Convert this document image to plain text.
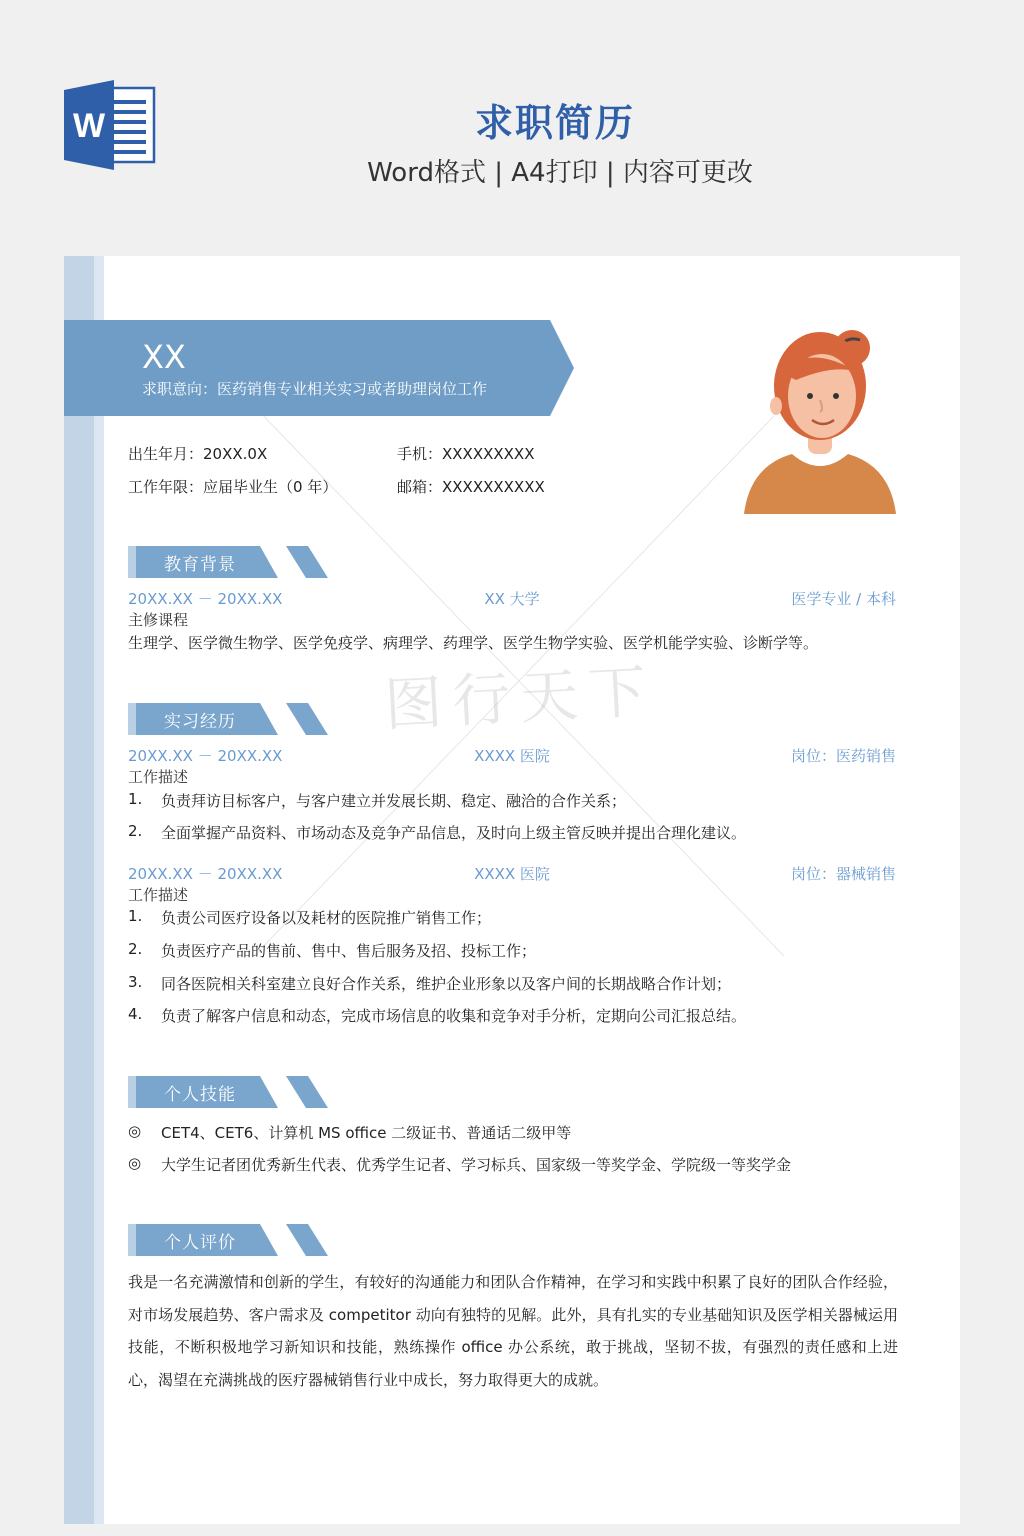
W	求职简历
Word格式 | A4打印 | 内容可更改
XX
求职意向：医药销售专业相关实习或者助理岗位工作
出生年月：20XX.0X	手机：XXXXXXXXX
工作年限：应届毕业生（0 年）	邮箱：XXXXXXXXXX
图行天下
教育背景
20XX.XX － 20XX.XX	XX 大学	医学专业 / 本科
主修课程
生理学、医学微生物学、医学免疫学、病理学、药理学、医学生物学实验、医学机能学实验、诊断学等。
实习经历
20XX.XX － 20XX.XX	XXXX 医院	岗位：医药销售
工作描述
1. 负责拜访目标客户，与客户建立并发展长期、稳定、融洽的合作关系；
2. 全面掌握产品资料、市场动态及竞争产品信息，及时向上级主管反映并提出合理化建议。
20XX.XX － 20XX.XX	XXXX 医院	岗位：器械销售
工作描述
1. 负责公司医疗设备以及耗材的医院推广销售工作；
2. 负责医疗产品的售前、售中、售后服务及招、投标工作；
3. 同各医院相关科室建立良好合作关系，维护企业形象以及客户间的长期战略合作计划；
4. 负责了解客户信息和动态，完成市场信息的收集和竞争对手分析，定期向公司汇报总结。
个人技能
◎ CET4、CET6、计算机 MS office 二级证书、普通话二级甲等
◎ 大学生记者团优秀新生代表、优秀学生记者、学习标兵、国家级一等奖学金、学院级一等奖学金
个人评价
我是一名充满激情和创新的学生，有较好的沟通能力和团队合作精神，在学习和实践中积累了良好的团队合作经验，对市场发展趋势、客户需求及 competitor 动向有独特的见解。此外，具有扎实的专业基础知识及医学相关器械运用技能，不断积极地学习新知识和技能，熟练操作 office 办公系统，敢于挑战，坚韧不拔，有强烈的责任感和上进心，渴望在充满挑战的医疗器械销售行业中成长，努力取得更大的成就。
